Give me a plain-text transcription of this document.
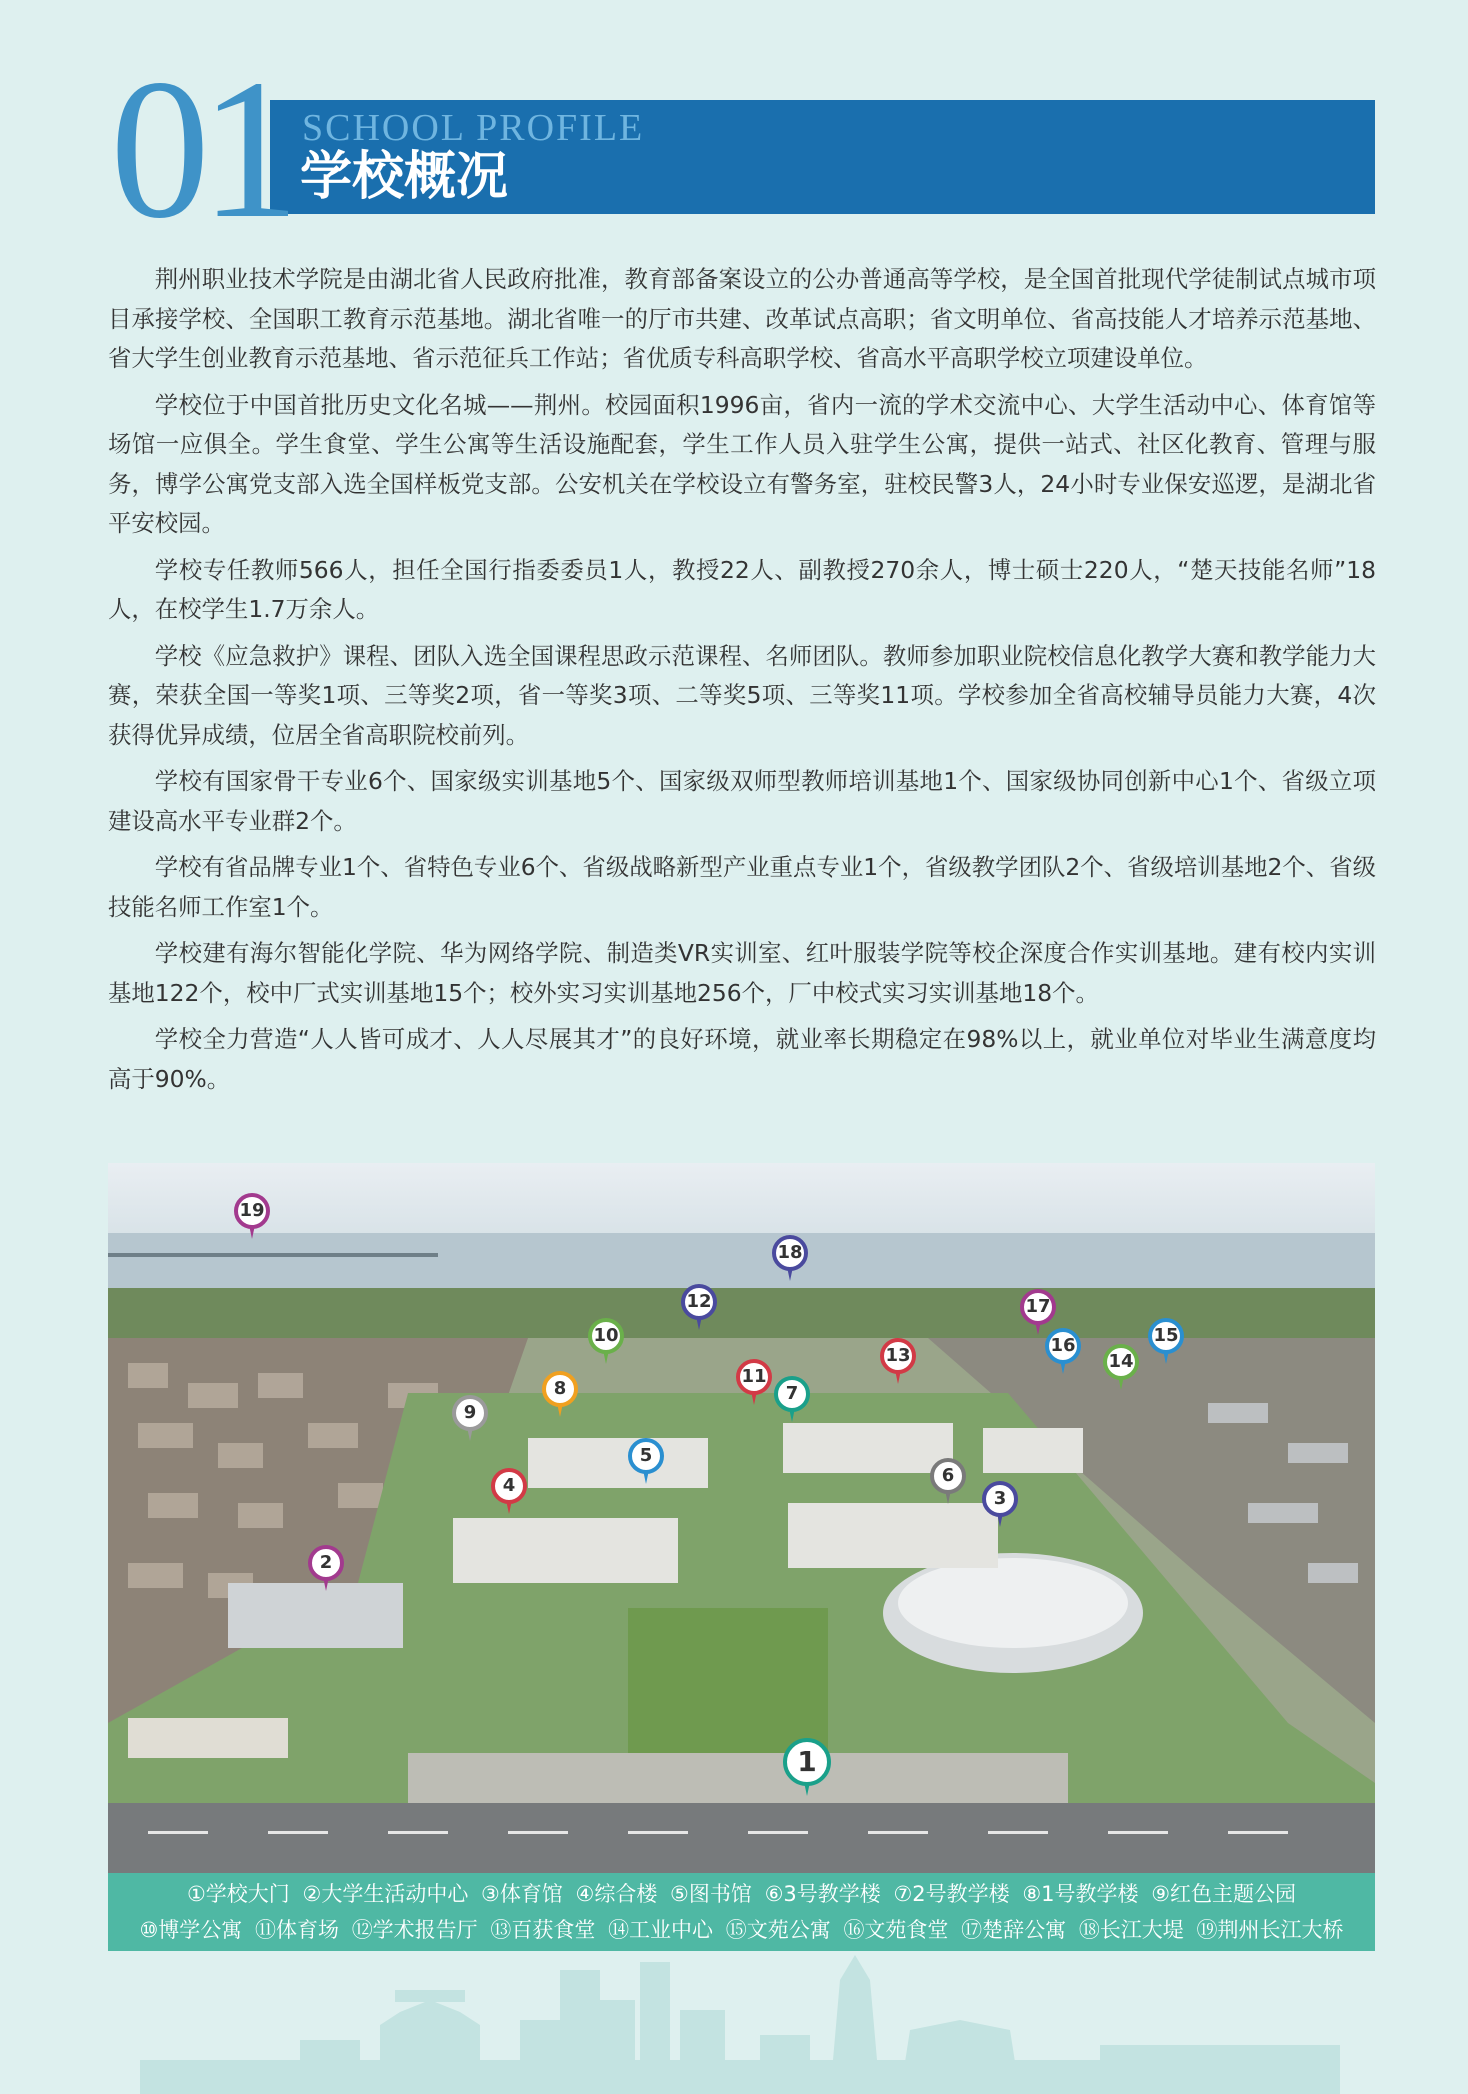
01 SCHOOL PROFILE
学校概况

荆州职业技术学院是由湖北省人民政府批准，教育部备案设立的公办普通高等学校，是全国首批现代学徒制试点城市项目承接学校、全国职工教育示范基地。湖北省唯一的厅市共建、改革试点高职；省文明单位、省高技能人才培养示范基地、省大学生创业教育示范基地、省示范征兵工作站；省优质专科高职学校、省高水平高职学校立项建设单位。

学校位于中国首批历史文化名城——荆州。校园面积1996亩，省内一流的学术交流中心、大学生活动中心、体育馆等场馆一应俱全。学生食堂、学生公寓等生活设施配套，学生工作人员入驻学生公寓，提供一站式、社区化教育、管理与服务，博学公寓党支部入选全国样板党支部。公安机关在学校设立有警务室，驻校民警3人，24小时专业保安巡逻，是湖北省平安校园。

学校专任教师566人，担任全国行指委委员1人，教授22人、副教授270余人，博士硕士220人，“楚天技能名师”18人，在校学生1.7万余人。

学校《应急救护》课程、团队入选全国课程思政示范课程、名师团队。教师参加职业院校信息化教学大赛和教学能力大赛，荣获全国一等奖1项、三等奖2项，省一等奖3项、二等奖5项、三等奖11项。学校参加全省高校辅导员能力大赛，4次获得优异成绩，位居全省高职院校前列。

学校有国家骨干专业6个、国家级实训基地5个、国家级双师型教师培训基地1个、国家级协同创新中心1个、省级立项建设高水平专业群2个。

学校有省品牌专业1个、省特色专业6个、省级战略新型产业重点专业1个，省级教学团队2个、省级培训基地2个、省级技能名师工作室1个。

学校建有海尔智能化学院、华为网络学院、制造类VR实训室、红叶服装学院等校企深度合作实训基地。建有校内实训基地122个，校中厂式实训基地15个；校外实习实训基地256个，厂中校式实习实训基地18个。

学校全力营造“人人皆可成才、人人尽展其才”的良好环境，就业率长期稳定在98%以上，就业单位对毕业生满意度均高于90%。

1
2
3
4
5
6
7
8
9
10
11
12
13	14
15
16
17
18
19
①学校大门 ②大学生活动中心 ③体育馆 ④综合楼 ⑤图书馆 ⑥3号教学楼 ⑦2号教学楼 ⑧1号教学楼 ⑨红色主题公园
⑩博学公寓 ⑪体育场 ⑫学术报告厅 ⑬百获食堂 ⑭工业中心 ⑮文苑公寓 ⑯文苑食堂 ⑰楚辞公寓 ⑱长江大堤 ⑲荆州长江大桥
